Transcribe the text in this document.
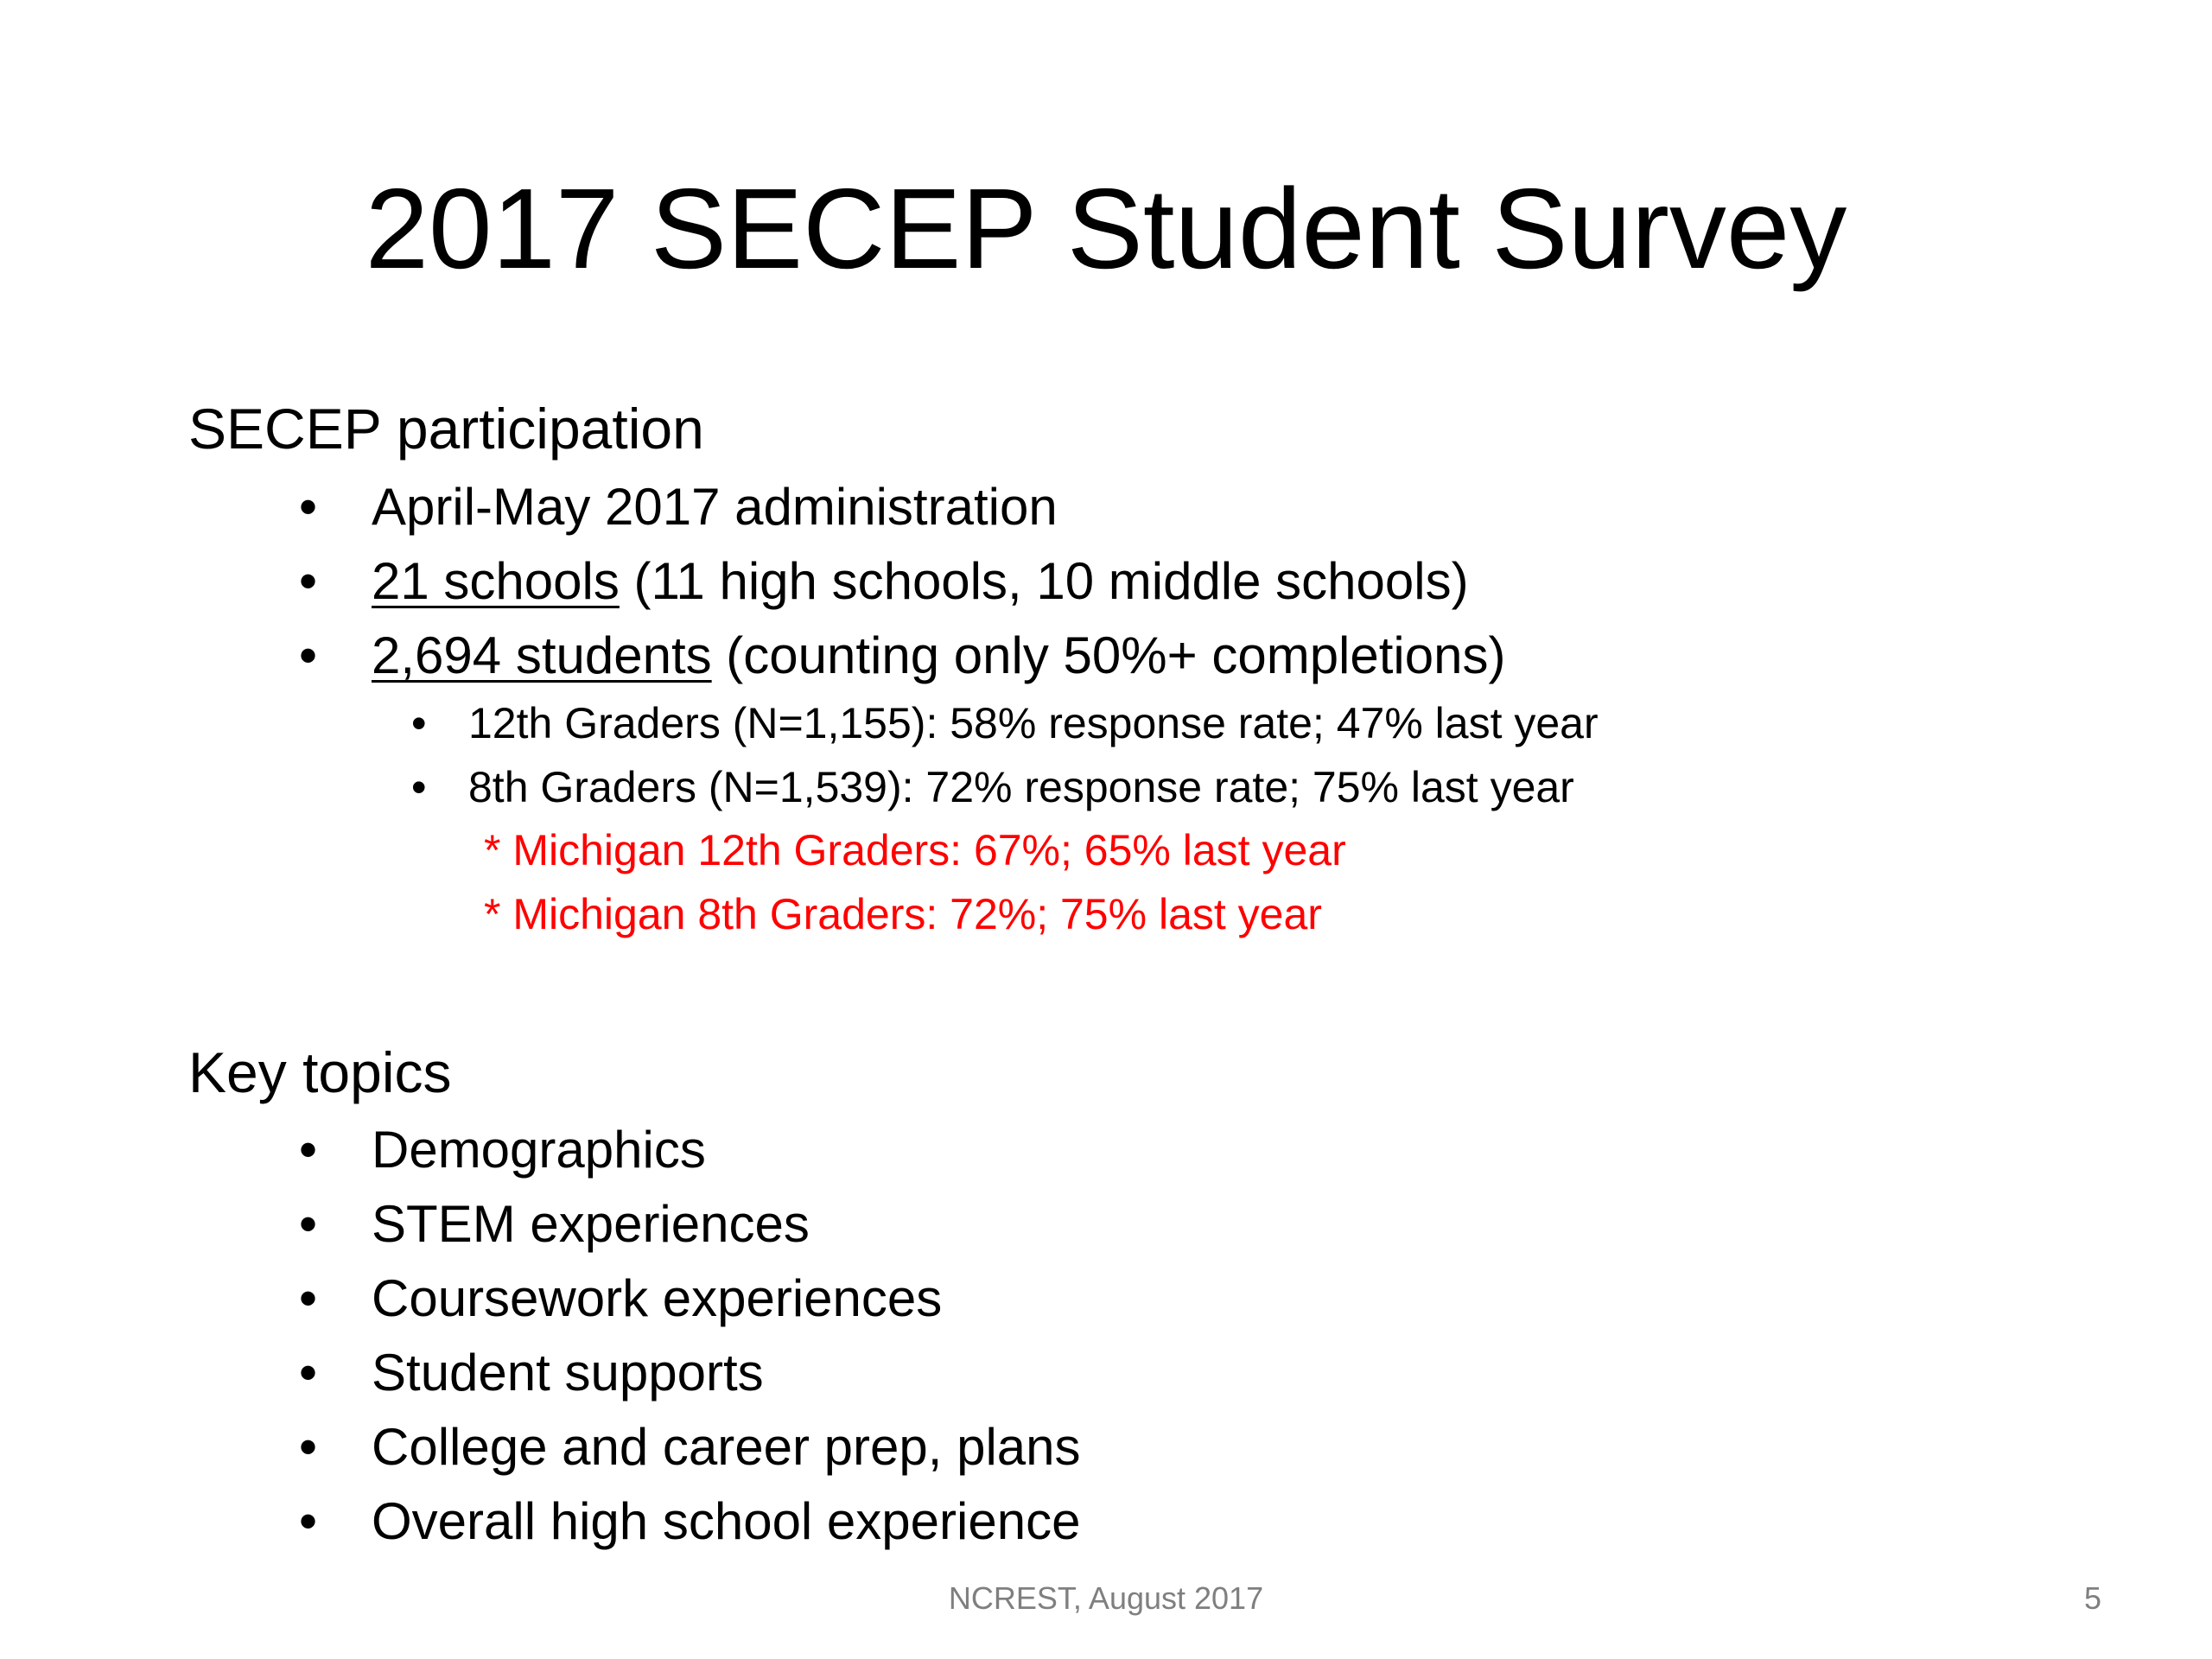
2017 SECEP Student Survey
SECEP participation
• April-May 2017 administration
• 21 schools (11 high schools, 10 middle schools)
• 2,694 students (counting only 50%+ completions)
• 12th Graders (N=1,155): 58% response rate; 47% last year
• 8th Graders (N=1,539): 72% response rate; 75% last year
* Michigan 12th Graders: 67%; 65% last year
* Michigan 8th Graders: 72%; 75% last year
Key topics
• Demographics
• STEM experiences
• Coursework experiences
• Student supports
• College and career prep, plans
• Overall high school experience
NCREST, August 2017	5
